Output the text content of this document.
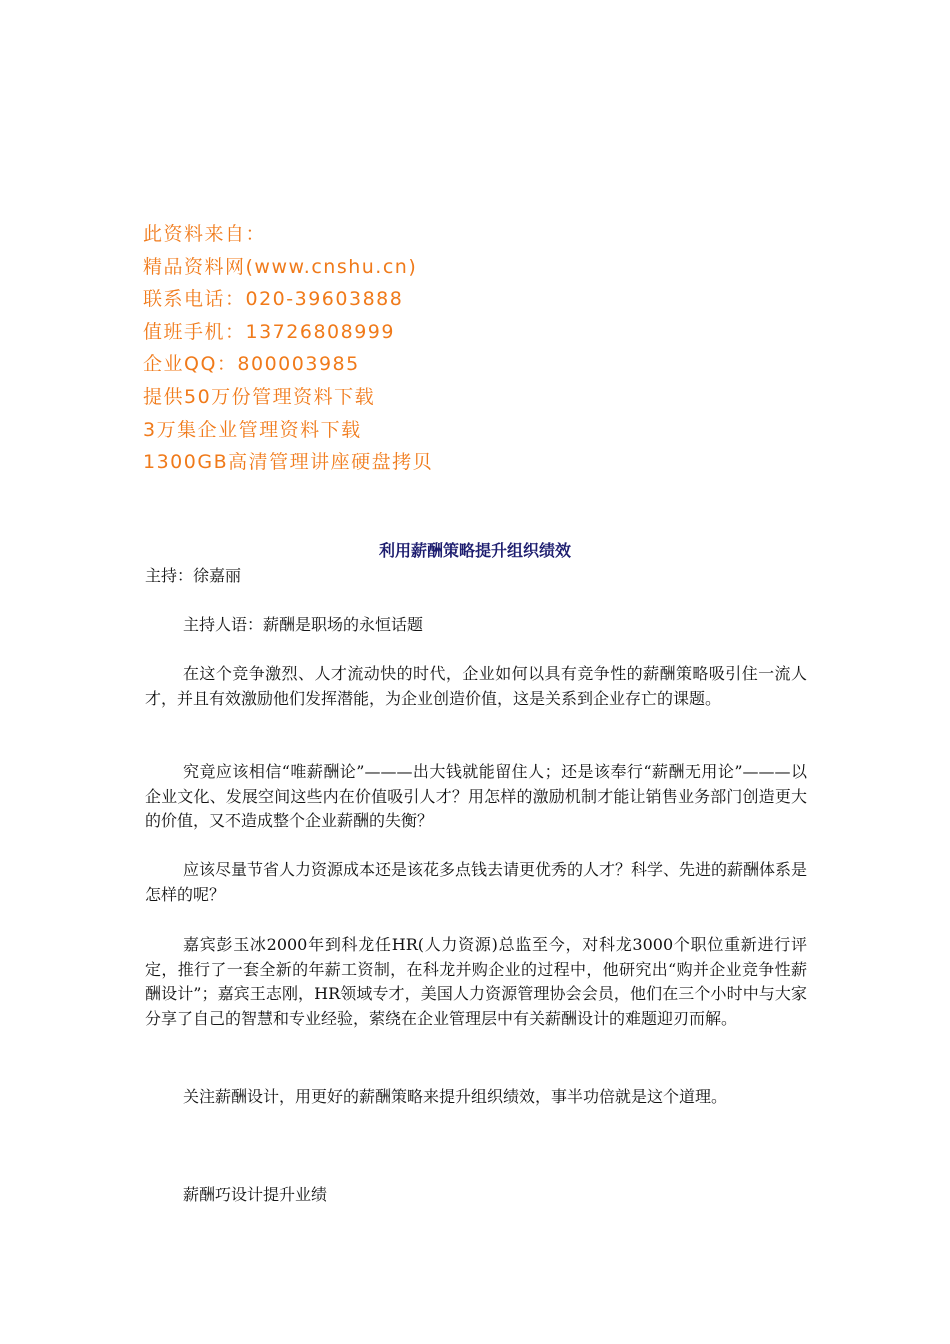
此资料来自：
精品资料网(www.cnshu.cn)
联系电话：020-39603888
值班手机：13726808999
企业QQ：800003985
提供50万份管理资料下载
3万集企业管理资料下载
1300GB高清管理讲座硬盘拷贝
利用薪酬策略提升组织绩效
主持：徐嘉丽
主持人语：薪酬是职场的永恒话题
在这个竞争激烈、人才流动快的时代，企业如何以具有竞争性的薪酬策略吸引住一流人才，并且有效激励他们发挥潜能，为企业创造价值，这是关系到企业存亡的课题。
究竟应该相信“唯薪酬论”———出大钱就能留住人；还是该奉行“薪酬无用论”———以企业文化、发展空间这些内在价值吸引人才？用怎样的激励机制才能让销售业务部门创造更大的价值，又不造成整个企业薪酬的失衡？
应该尽量节省人力资源成本还是该花多点钱去请更优秀的人才？科学、先进的薪酬体系是怎样的呢？
嘉宾彭玉冰2000年到科龙任HR(人力资源)总监至今，对科龙3000个职位重新进行评定，推行了一套全新的年薪工资制，在科龙并购企业的过程中，他研究出“购并企业竞争性薪酬设计”；嘉宾王志刚，HR领域专才，美国人力资源管理协会会员，他们在三个小时中与大家分享了自己的智慧和专业经验，萦绕在企业管理层中有关薪酬设计的难题迎刃而解。
关注薪酬设计，用更好的薪酬策略来提升组织绩效，事半功倍就是这个道理。
薪酬巧设计提升业绩
